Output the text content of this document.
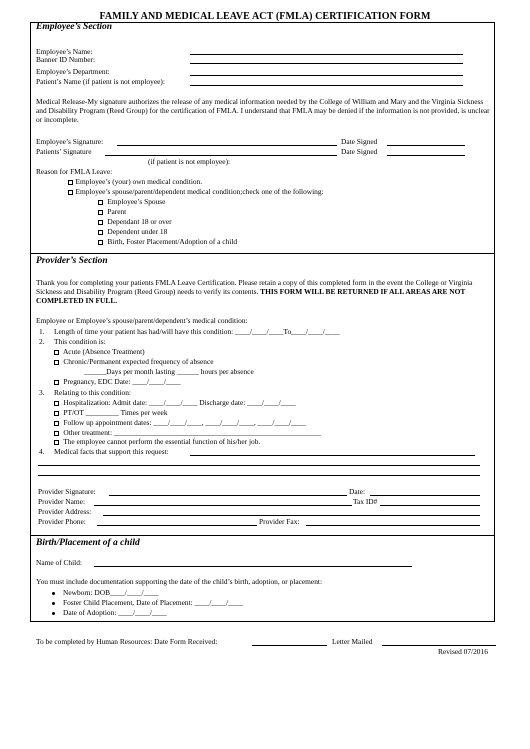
FAMILY AND MEDICAL LEAVE ACT (FMLA) CERTIFICATION FORM
Employee’s Section
Employee’s Name:
Banner ID Number:
Employee’s Department:
Patient’s Name (if patient is not employee):
Medical Release-My signature authorizes the release of any medical information needed by the College of William and Mary and the Virginia Sickness and Disability Program (Reed Group) for the certification of FMLA. I understand that FMLA may be denied if the information is not provided, is unclear or incomplete.
Employee’s Signature:	Date Signed
Patients’ Signature	Date Signed
(if patient is not employee):
Reason for FMLA Leave:
Employee’s (your) own medical condition.
Employee’s spouse/parent/dependent medical condition;check one of the following:
Employee’s Spouse
Parent
Dependant 18 or over
Dependent under 18
Birth, Foster Placement/Adoption of a child
Provider’s Section
Thank you for completing your patients FMLA Leave Certification. Please retain a copy of this completed form in the event the College or Virginia Sickness and Disability Program (Reed Group) needs to verify its contents. THIS FORM WILL BE RETURNED IF ALL AREAS ARE NOT COMPLETED IN FULL.
Employee or Employee’s spouse/parent/dependent’s medical condition:
1. Length of time your patient has had/will have this condition: ____/____/____To____/____/____
2. This condition is:
Acute (Absence Treatment)
Chronic/Permanent expected frequency of absence
______Days per month lasting ______ hours per absence
Pregnancy, EDC Date: ____/____/____
3. Relating to this condition:
Hospitalization: Admit date: ____/____/____ Discharge date: ____/____/____
PT/OT _________ Times per week
Follow up appointment dates: ____/____/____, ____/____/____, ____/____/____
Other treatment: ________________________________________________________
The employee cannot perform the essential function of his/her job.
4. Medical facts that support this request:
Provider Signature:	Date:
Provider Name:	Tax ID#
Provider Address:
Provider Phone:	Provider Fax:
Birth/Placement of a child
Name of Child:
You must include documentation supporting the date of the child’s birth, adoption, or placement:
Newborn: DOB____/____/____
Foster Child Placement, Date of Placement: ____/____/____
Date of Adoption: ____/____/____
To be completed by Human Resources: Date Form Received:	Letter Mailed
Revised 07/2016
